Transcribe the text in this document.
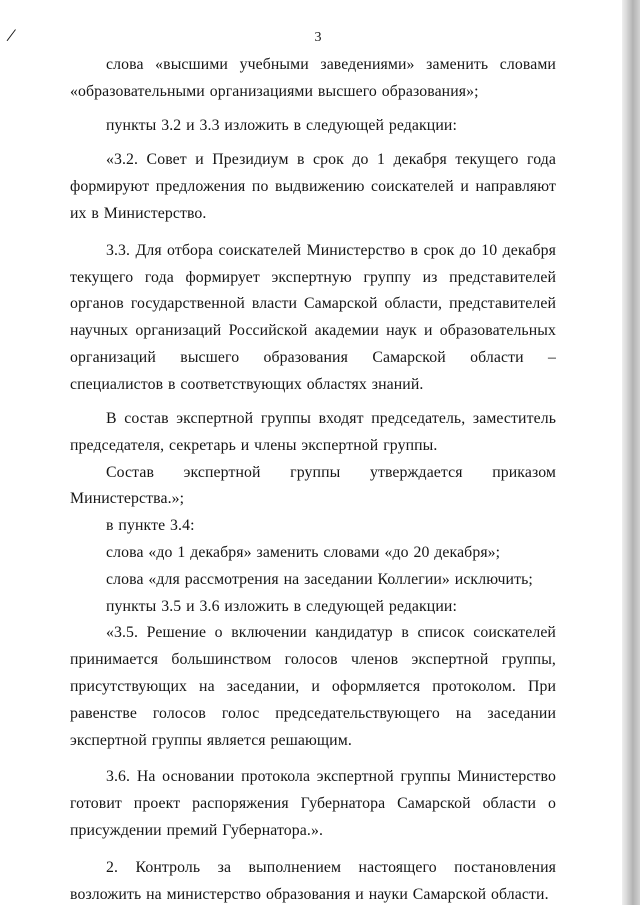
/	3

слова «высшими учебными заведениями» заменить словами «образовательными организациями высшего образования»;

пункты 3.2 и 3.3 изложить в следующей редакции:

«3.2. Совет и Президиум в срок до 1 декабря текущего года формируют предложения по выдвижению соискателей и направляют их в Министерство.

3.3. Для отбора соискателей Министерство в срок до 10 декабря текущего года формирует экспертную группу из представителей органов государственной власти Самарской области, представителей научных организаций Российской академии наук и образовательных организаций высшего образования Самарской области – специалистов в соответствующих областях знаний.

В состав экспертной группы входят председатель, заместитель председателя, секретарь и члены экспертной группы.

Состав экспертной группы утверждается приказом Министерства.»;

в пункте 3.4:

слова «до 1 декабря» заменить словами «до 20 декабря»;

слова «для рассмотрения на заседании Коллегии» исключить;

пункты 3.5 и 3.6 изложить в следующей редакции:

«3.5. Решение о включении кандидатур в список соискателей принимается большинством голосов членов экспертной группы, присутствующих на заседании, и оформляется протоколом. При равенстве голосов голос председательствующего на заседании экспертной группы является решающим.

3.6. На основании протокола экспертной группы Министерство готовит проект распоряжения Губернатора Самарской области о присуждении премий Губернатора.».

2. Контроль за выполнением настоящего постановления возложить на министерство образования и науки Самарской области.
